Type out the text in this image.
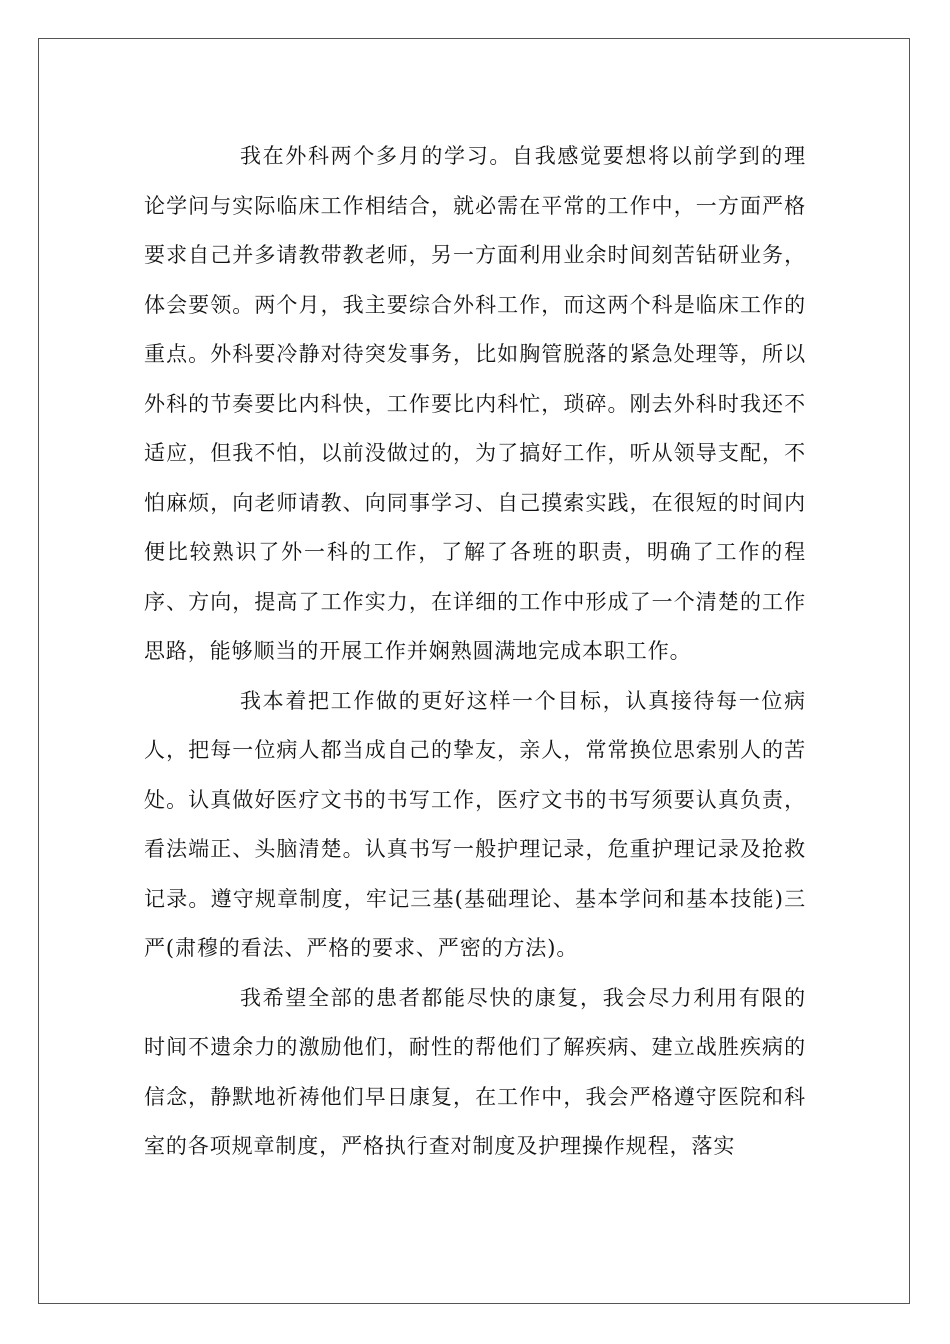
我在外科两个多月的学习。自我感觉要想将以前学到的理论学问与实际临床工作相结合，就必需在平常的工作中，一方面严格要求自己并多请教带教老师，另一方面利用业余时间刻苦钻研业务，体会要领。两个月，我主要综合外科工作，而这两个科是临床工作的重点。外科要冷静对待突发事务，比如胸管脱落的紧急处理等，所以外科的节奏要比内科快，工作要比内科忙，琐碎。刚去外科时我还不适应，但我不怕，以前没做过的，为了搞好工作，听从领导支配，不怕麻烦，向老师请教、向同事学习、自己摸索实践，在很短的时间内便比较熟识了外一科的工作，了解了各班的职责，明确了工作的程序、方向，提高了工作实力，在详细的工作中形成了一个清楚的工作思路，能够顺当的开展工作并娴熟圆满地完成本职工作。

我本着把工作做的更好这样一个目标，认真接待每一位病人，把每一位病人都当成自己的挚友，亲人，常常换位思索别人的苦处。认真做好医疗文书的书写工作，医疗文书的书写须要认真负责，看法端正、头脑清楚。认真书写一般护理记录，危重护理记录及抢救记录。遵守规章制度，牢记三基(基础理论、基本学问和基本技能)三严(肃穆的看法、严格的要求、严密的方法)。

我希望全部的患者都能尽快的康复，我会尽力利用有限的时间不遗余力的激励他们，耐性的帮他们了解疾病、建立战胜疾病的信念，静默地祈祷他们早日康复，在工作中，我会严格遵守医院和科室的各项规章制度，严格执行查对制度及护理操作规程，落实
